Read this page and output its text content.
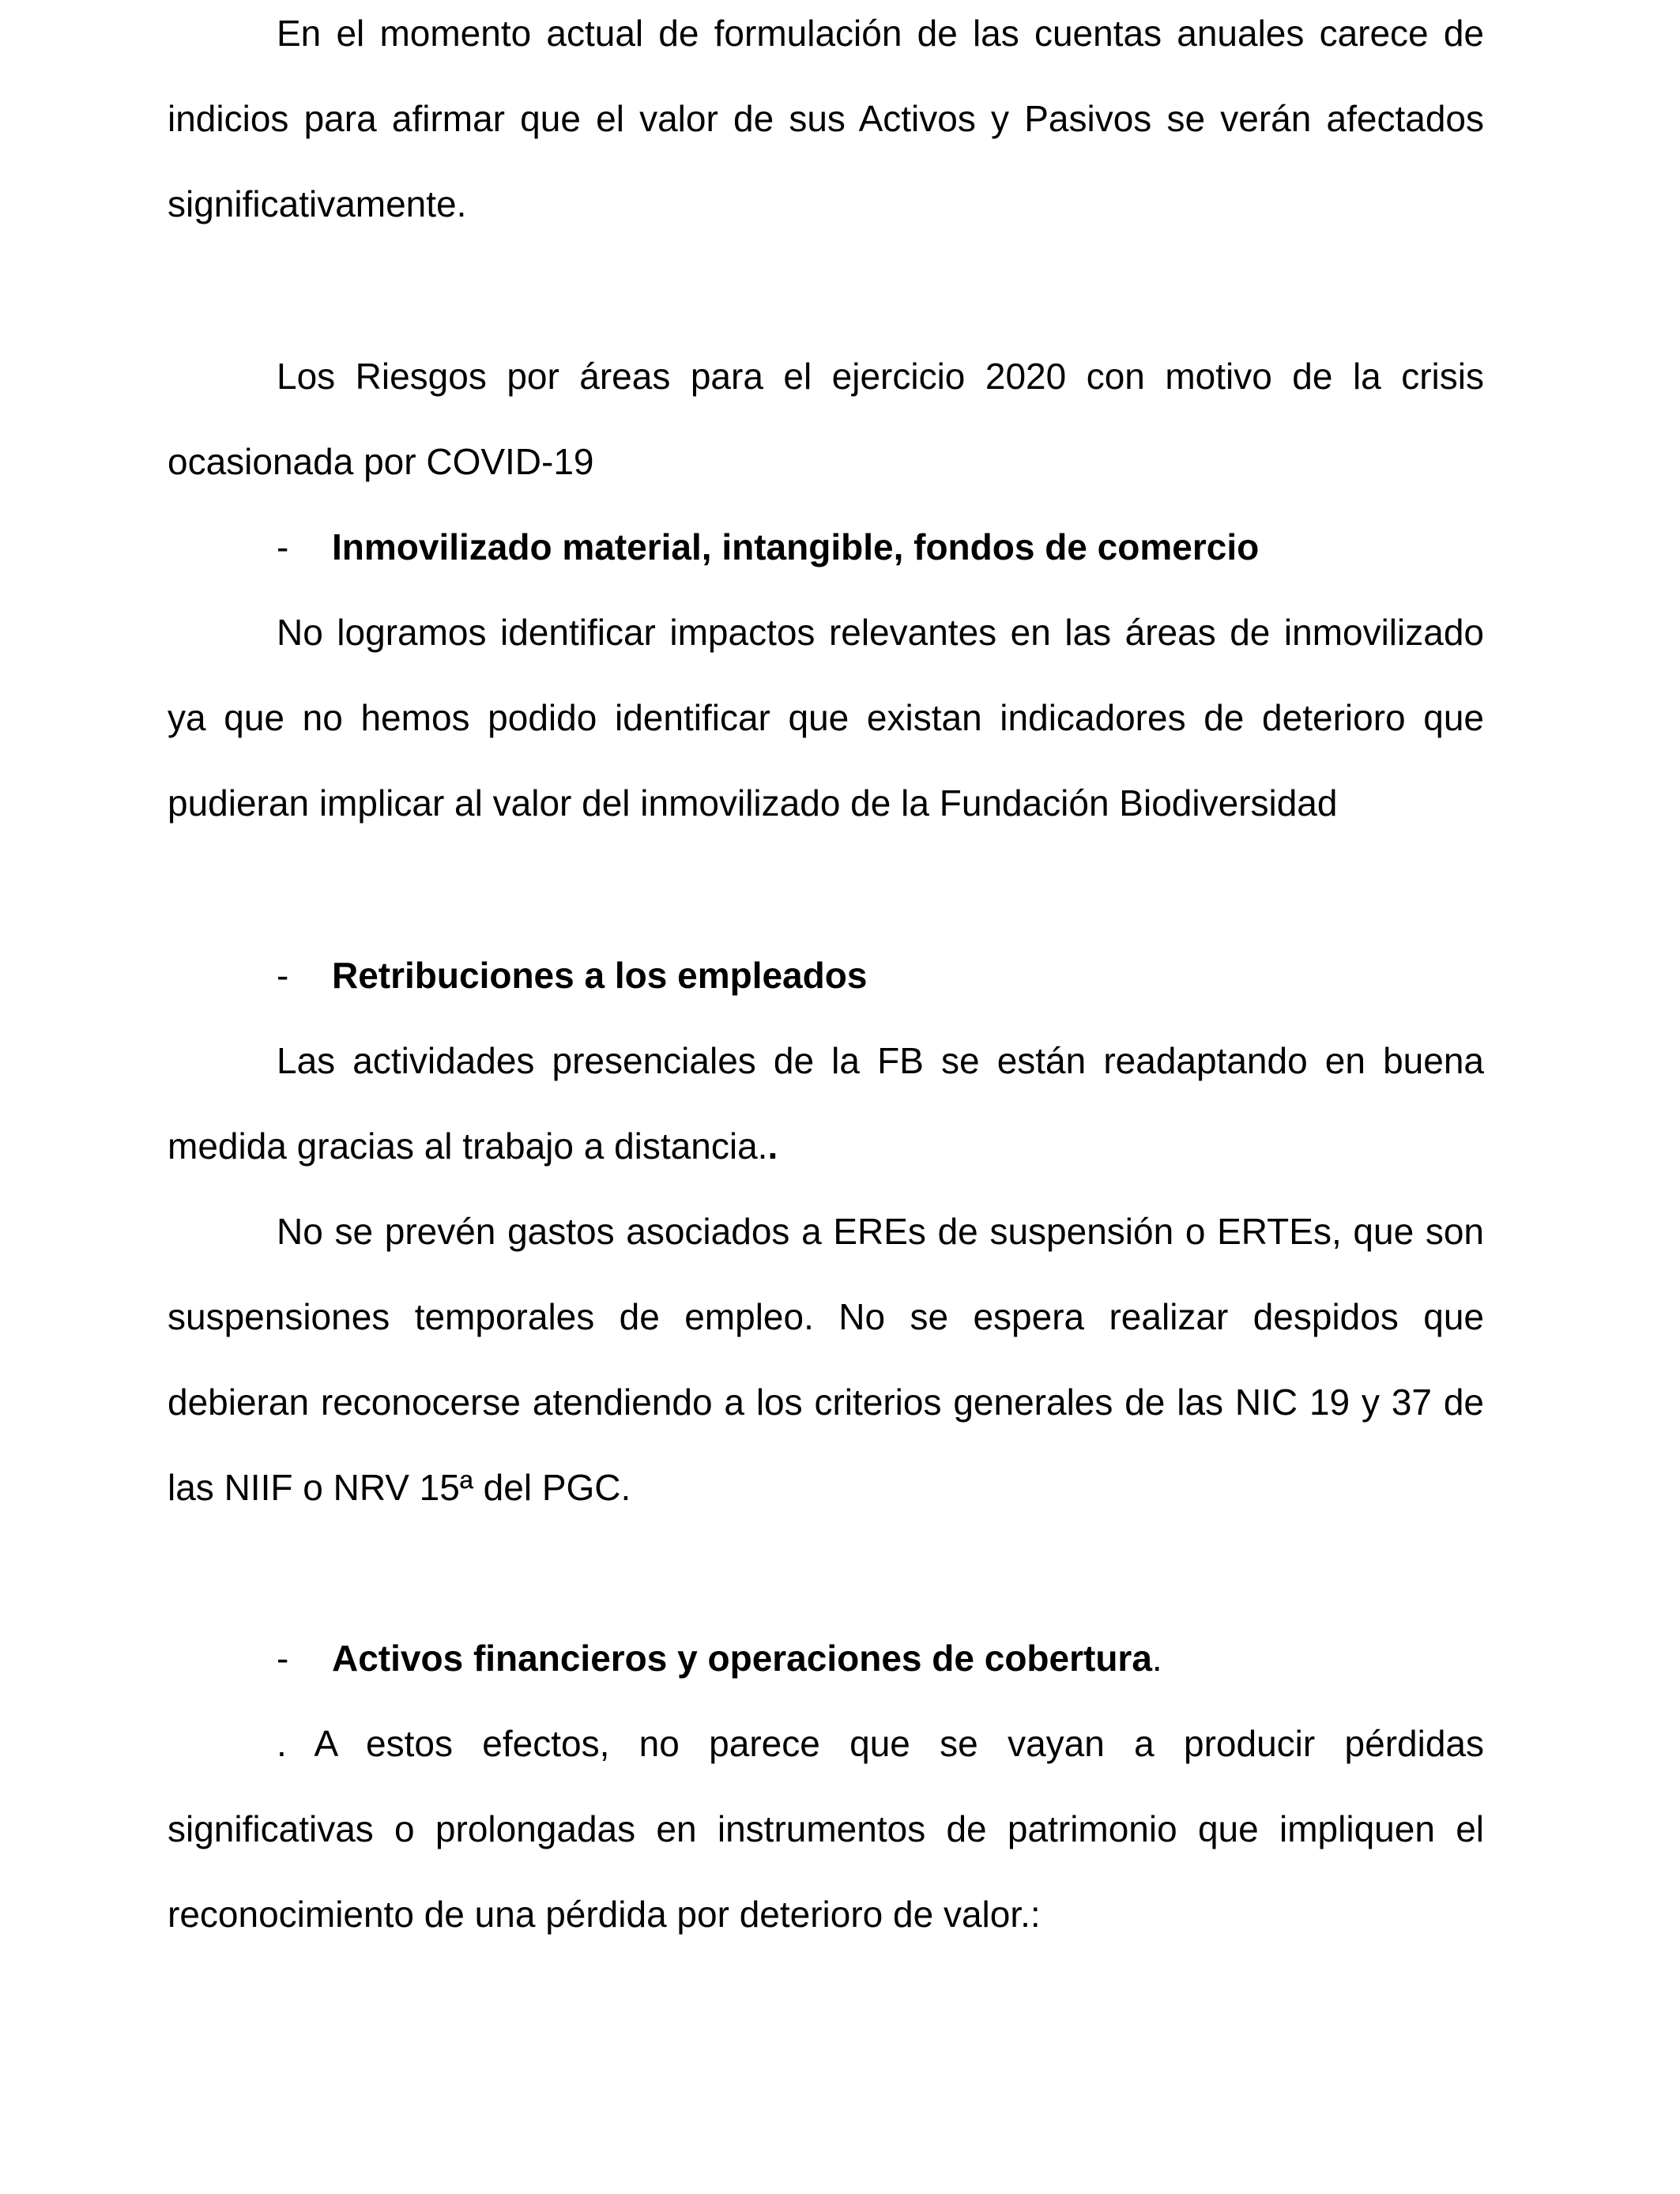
En el momento actual de formulación de las cuentas anuales carece de indicios para afirmar que el valor de sus Activos y Pasivos se verán afectados significativamente.

Los Riesgos por áreas para el ejercicio 2020 con motivo de la crisis ocasionada por COVID-19

- Inmovilizado material, intangible, fondos de comercio

No logramos identificar impactos relevantes en las áreas de inmovilizado ya que no hemos podido identificar que existan indicadores de deterioro que pudieran implicar al valor del inmovilizado de la Fundación Biodiversidad

- Retribuciones a los empleados

Las actividades presenciales de la FB se están readaptando en buena medida gracias al trabajo a distancia..

No se prevén gastos asociados a EREs de suspensión o ERTEs, que son suspensiones temporales de empleo. No se espera realizar despidos que debieran reconocerse atendiendo a los criterios generales de las NIC 19 y 37 de las NIIF o NRV 15ª del PGC.

- Activos financieros y operaciones de cobertura.

. A estos efectos, no parece que se vayan a producir pérdidas significativas o prolongadas en instrumentos de patrimonio que impliquen el reconocimiento de una pérdida por deterioro de valor.:
